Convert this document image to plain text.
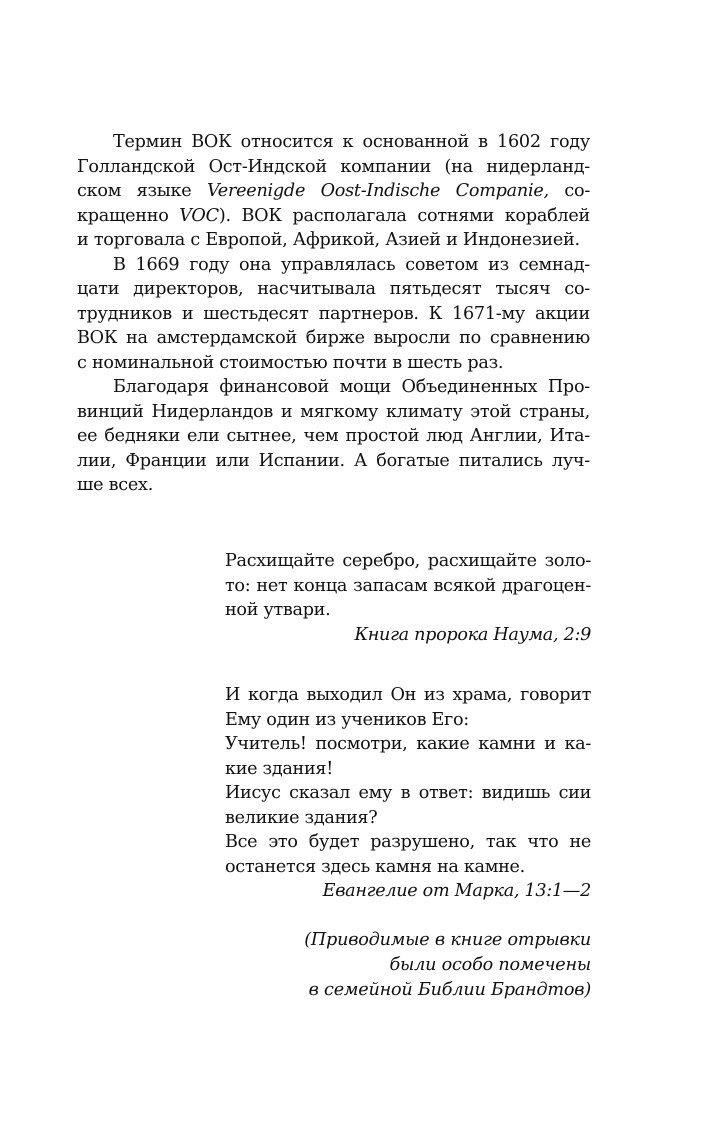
Термин ВОК относится к основанной в 1602 году
Голландской Ост-Индской компании (на нидерланд-
ском языке Vereenigde Oost-Indische Companie, со-
кращенно VOC). ВОК располагала сотнями кораблей
и торговала с Европой, Африкой, Азией и Индонезией.
В 1669 году она управлялась советом из семнад-
цати директоров, насчитывала пятьдесят тысяч со-
трудников и шестьдесят партнеров. К 1671-му акции
ВОК на амстердамской бирже выросли по сравнению
с номинальной стоимостью почти в шесть раз.
Благодаря финансовой мощи Объединенных Про-
винций Нидерландов и мягкому климату этой страны,
ее бедняки ели сытнее, чем простой люд Англии, Ита-
лии, Франции или Испании. А богатые питались луч-
ше всех.
Расхищайте серебро, расхищайте золо-
то: нет конца запасам всякой драгоцен-
ной утвари.
Книга пророка Наума, 2:9
И когда выходил Он из храма, говорит
Ему один из учеников Его:
Учитель! посмотри, какие камни и ка-
кие здания!
Иисус сказал ему в ответ: видишь сии
великие здания?
Все это будет разрушено, так что не
останется здесь камня на камне.
Евангелие от Марка, 13:1—2
(Приводимые в книге отрывки
были особо помечены
в семейной Библии Брандтов)
